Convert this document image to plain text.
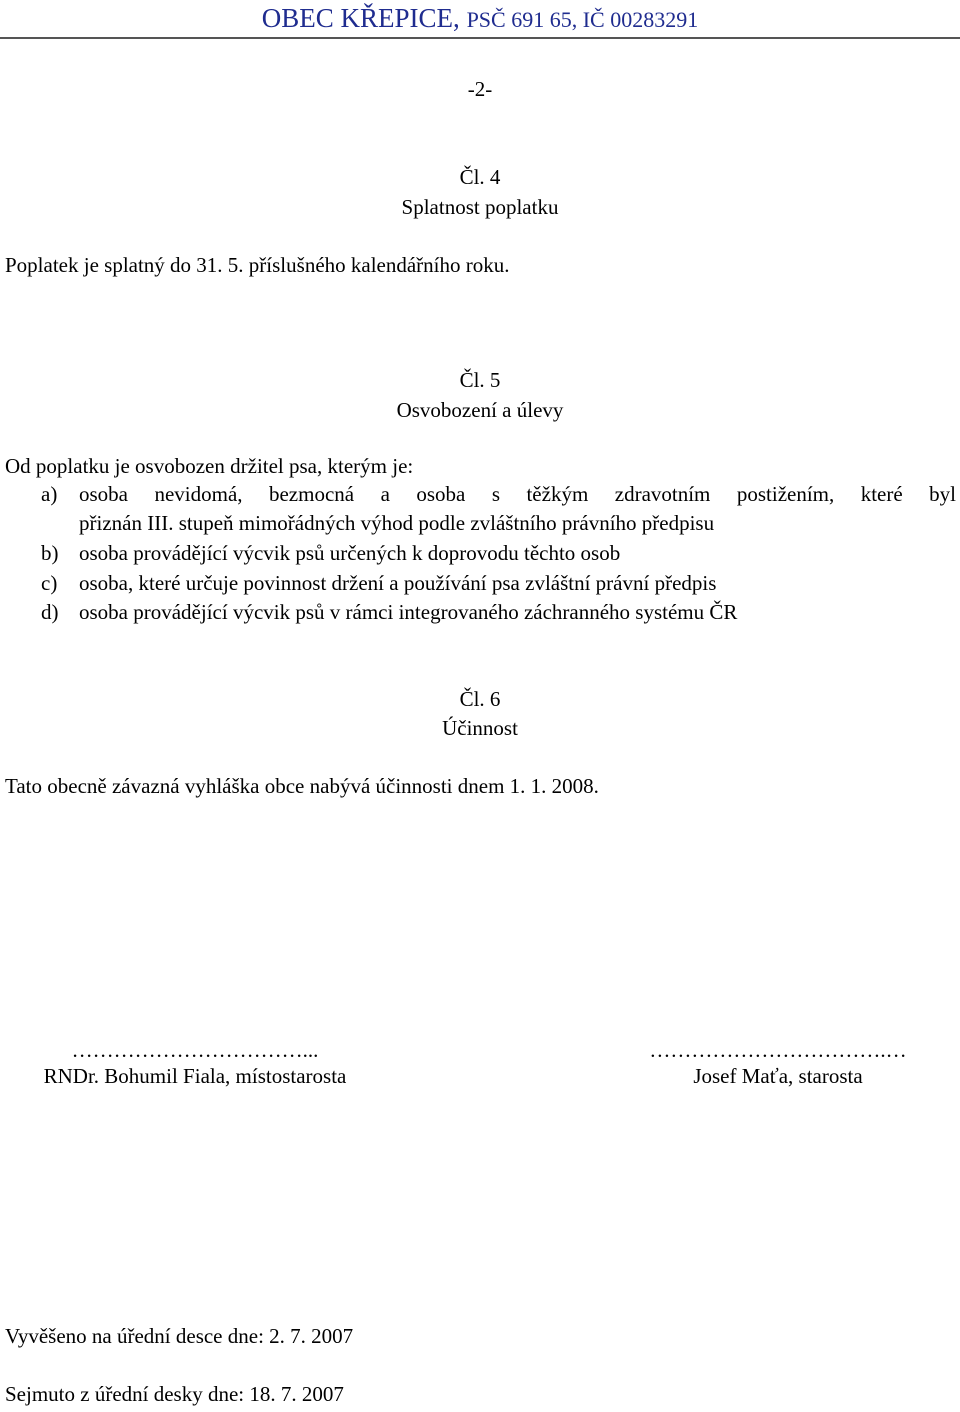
OBEC KŘEPICE, PSČ 691 65, IČ 00283291
-2-
Čl. 4
Splatnost poplatku
Poplatek je splatný do 31. 5. příslušného kalendářního roku.
Čl. 5
Osvobození a úlevy
Od poplatku je osvobozen držitel psa, kterým je:
a) osoba nevidomá, bezmocná a osoba s těžkým zdravotním postižením, které byl
přiznán III. stupeň mimořádných výhod podle zvláštního právního předpisu
b) osoba provádějící výcvik psů určených k doprovodu těchto osob
c) osoba, které určuje povinnost držení a používání psa zvláštní právní předpis
d) osoba provádějící výcvik psů v rámci integrovaného záchranného systému ČR
Čl. 6
Účinnost
Tato obecně závazná vyhláška obce nabývá účinnosti dnem 1. 1. 2008.
……………………………...
RNDr. Bohumil Fiala, místostarosta
…………………………….…
Josef Maťa, starosta
Vyvěšeno na úřední desce dne: 2. 7. 2007
Sejmuto z úřední desky dne: 18. 7. 2007
